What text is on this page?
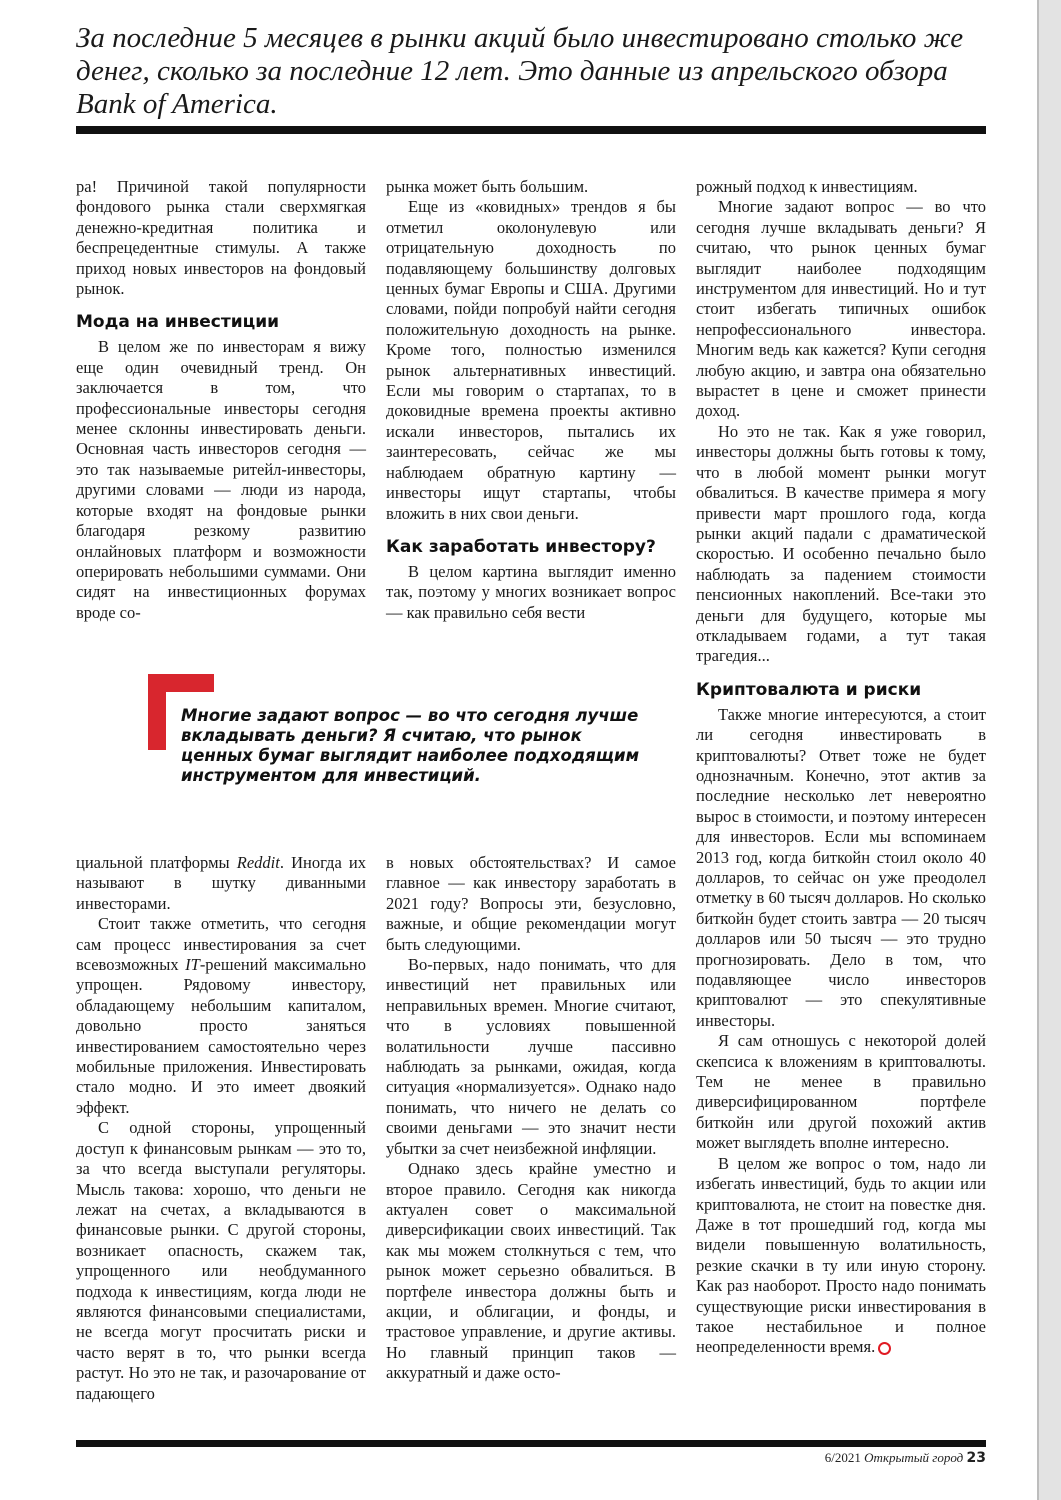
За последние 5 месяцев в рынки акций было инвестировано столько же денег, сколько за последние 12 лет. Это данные из апрельского обзора Bank of America.

ра! Причиной такой популярности фондового рынка стали сверхмягкая денежно-кредитная политика и беспрецедентные стимулы. А также приход новых инвесторов на фондовый рынок.

Мода на инвестиции

В целом же по инвесторам я вижу еще один очевидный тренд. Он заключается в том, что профессиональные инвесторы сегодня менее склонны инвестировать деньги. Основная часть инвесторов сегодня — это так называемые ритейл-инвесторы, другими словами — люди из народа, которые входят на фондовые рынки благодаря резкому развитию онлайновых платформ и возможности оперировать небольшими суммами. Они сидят на инвестиционных форумах вроде со-

рынка может быть большим.

Еще из «ковидных» трендов я бы отметил околонулевую или отрицательную доходность по подавляющему большинству долговых ценных бумаг Европы и США. Другими словами, пойди попробуй найти сегодня положительную доходность на рынке. Кроме того, полностью изменился рынок альтернативных инвестиций. Если мы говорим о стартапах, то в доковидные времена проекты активно искали инвесторов, пытались их заинтересовать, сейчас же мы наблюдаем обратную картину — инвесторы ищут стартапы, чтобы вложить в них свои деньги.

Как заработать инвестору?

В целом картина выглядит именно так, поэтому у многих возникает вопрос — как правильно себя вести

рожный подход к инвестициям.

Многие задают вопрос — во что сегодня лучше вкладывать деньги? Я считаю, что рынок ценных бумаг выглядит наиболее подходящим инструментом для инвестиций. Но и тут стоит избегать типичных ошибок непрофессионального инвестора. Многим ведь как кажется? Купи сегодня любую акцию, и завтра она обязательно вырастет в цене и сможет принести доход.

Но это не так. Как я уже говорил, инвесторы должны быть готовы к тому, что в любой момент рынки могут обвалиться. В качестве примера я могу привести март прошлого года, когда рынки акций падали с драматической скоростью. И особенно печально было наблюдать за падением стоимости пенсионных накоплений. Все-таки это деньги для будущего, которые мы откладываем годами, а тут такая трагедия...

Криптовалюта и риски

Также многие интересуются, а стоит ли сегодня инвестировать в криптовалюты? Ответ тоже не будет однозначным. Конечно, этот актив за последние несколько лет невероятно вырос в стоимости, и поэтому интересен для инвесторов. Если мы вспоминаем 2013 год, когда биткойн стоил около 40 долларов, то сейчас он уже преодолел отметку в 60 тысяч долларов. Но сколько биткойн будет стоить завтра — 20 тысяч долларов или 50 тысяч — это трудно прогнозировать. Дело в том, что подавляющее число инвесторов криптовалют — это спекулятивные инвесторы.

Я сам отношусь с некоторой долей скепсиса к вложениям в криптовалюты. Тем не менее в правильно диверсифицированном портфеле биткойн или другой похожий актив может выглядеть вполне интересно.

В целом же вопрос о том, надо ли избегать инвестиций, будь то акции или криптовалюта, не стоит на повестке дня. Даже в тот прошедший год, когда мы видели повышенную волатильность, резкие скачки в ту или иную сторону. Как раз наоборот. Просто надо понимать существующие риски инвестирования в такое нестабильное и полное неопределенности время.

Многие задают вопрос — во что сегодня лучше вкладывать деньги? Я считаю, что рынок ценных бумаг выглядит наиболее подходящим инструментом для инвестиций.

циальной платформы Reddit. Иногда их называют в шутку диванными инвесторами.

Стоит также отметить, что сегодня сам процесс инвестирования за счет всевозможных IT-решений максимально упрощен. Рядовому инвестору, обладающему небольшим капиталом, довольно просто заняться инвестированием самостоятельно через мобильные приложения. Инвестировать стало модно. И это имеет двоякий эффект.

С одной стороны, упрощенный доступ к финансовым рынкам — это то, за что всегда выступали регуляторы. Мысль такова: хорошо, что деньги не лежат на счетах, а вкладываются в финансовые рынки. С другой стороны, возникает опасность, скажем так, упрощенного или необдуманного подхода к инвестициям, когда люди не являются финансовыми специалистами, не всегда могут просчитать риски и часто верят в то, что рынки всегда растут. Но это не так, и разочарование от падающего

в новых обстоятельствах? И самое главное — как инвестору заработать в 2021 году? Вопросы эти, безусловно, важные, и общие рекомендации могут быть следующими.

Во-первых, надо понимать, что для инвестиций нет правильных или неправильных времен. Многие считают, что в условиях повышенной волатильности лучше пассивно наблюдать за рынками, ожидая, когда ситуация «нормализуется». Однако надо понимать, что ничего не делать со своими деньгами — это значит нести убытки за счет неизбежной инфляции.

Однако здесь крайне уместно и второе правило. Сегодня как никогда актуален совет о максимальной диверсификации своих инвестиций. Так как мы можем столкнуться с тем, что рынок может серьезно обвалиться. В портфеле инвестора должны быть и акции, и облигации, и фонды, и трастовое управление, и другие активы. Но главный принцип таков — аккуратный и даже осто-

6/2021 Открытый город 23
